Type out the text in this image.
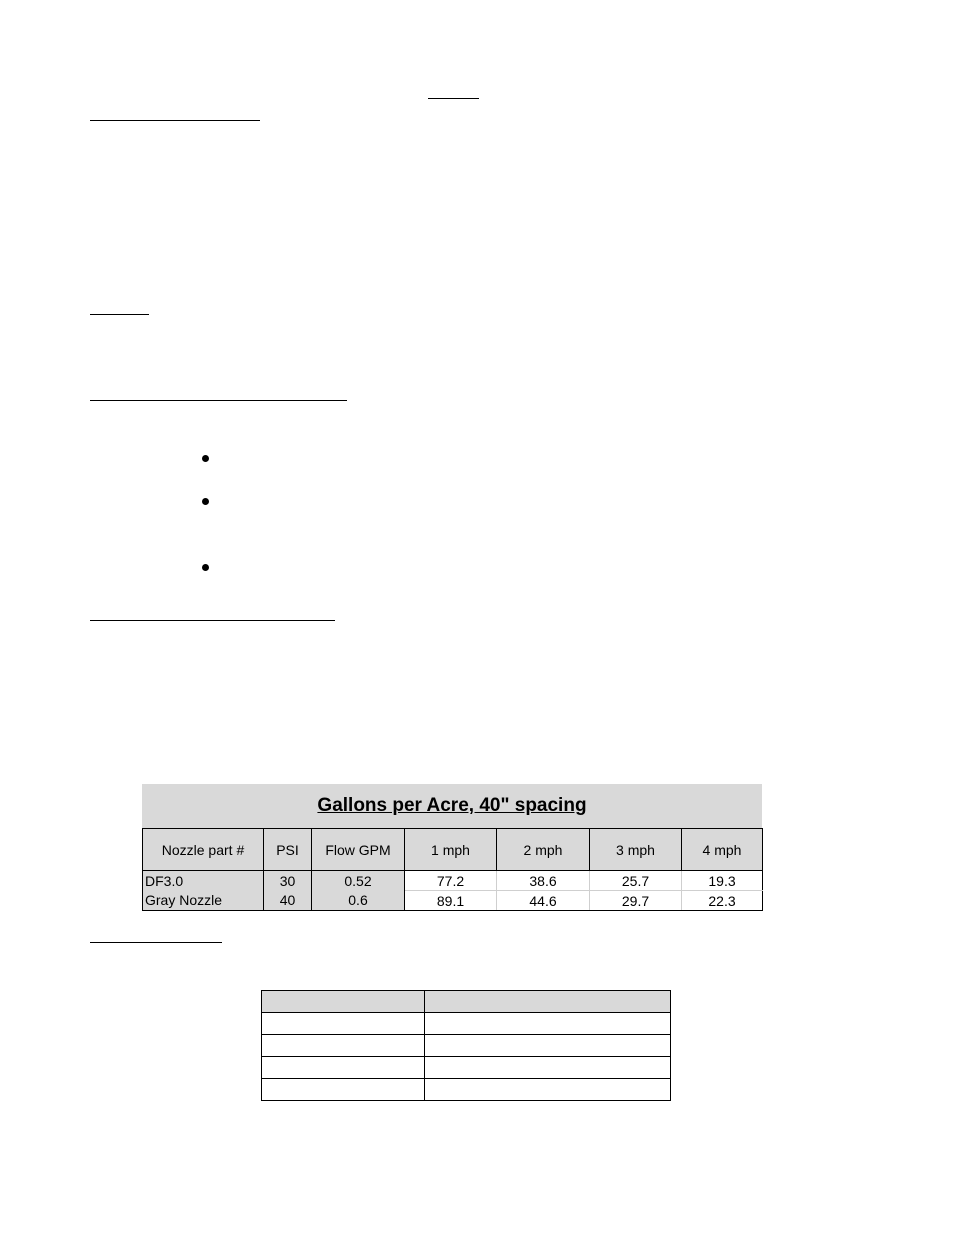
Gallons per Acre, 40" spacing
Nozzle part #	PSI	Flow GPM	1 mph	2 mph	3 mph	4 mph
DF3.0	30	0.52	77.2	38.6	25.7	19.3
Gray Nozzle	40	0.6	89.1	44.6	29.7	22.3
